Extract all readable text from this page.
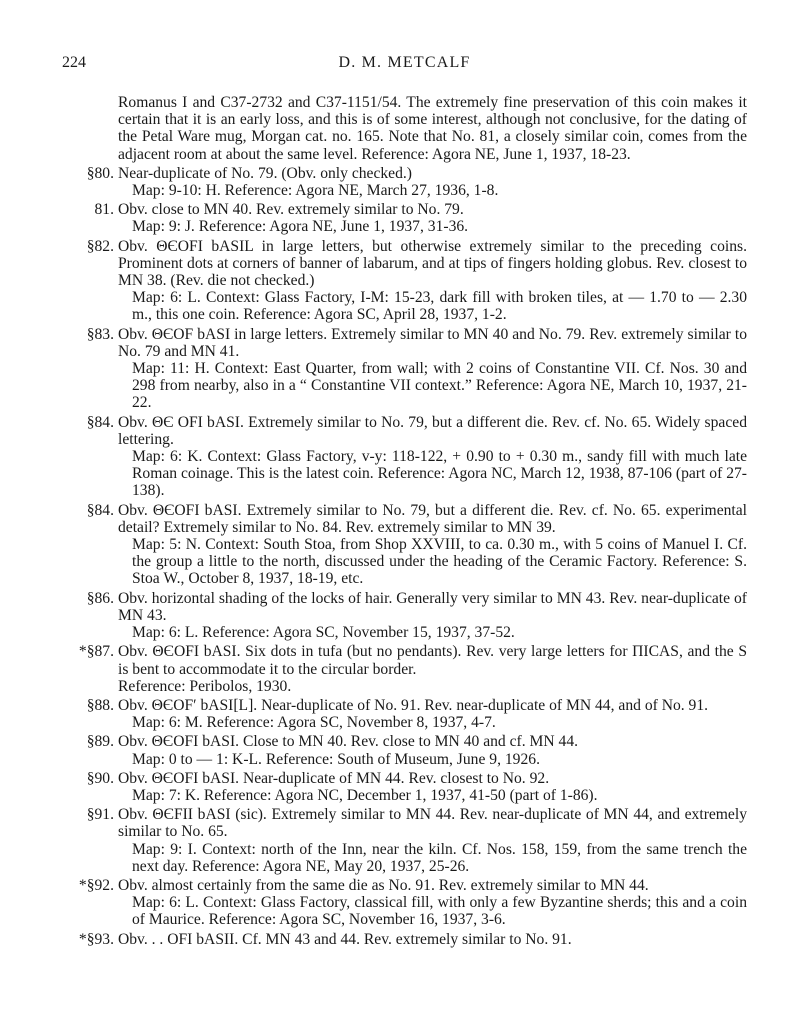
224	D. M. METCALF

Romanus I and C37-2732 and C37-1151/54. The extremely fine preservation of this coin makes it certain that it is an early loss, and this is of some interest, although not conclusive, for the dating of the Petal Ware mug, Morgan cat. no. 165. Note that No. 81, a closely similar coin, comes from the adjacent room at about the same level. Reference: Agora NE, June 1, 1937, 18-23.

§80. Near-duplicate of No. 79. (Obv. only checked.)

Map: 9-10: H. Reference: Agora NE, March 27, 1936, 1-8.

81. Obv. close to MN 40. Rev. extremely similar to No. 79.

Map: 9: J. Reference: Agora NE, June 1, 1937, 31-36.

§82. Obv. ΘЄOFI bASIL in large letters, but otherwise extremely similar to the preceding coins. Prominent dots at corners of banner of labarum, and at tips of fingers holding globus. Rev. closest to MN 38. (Rev. die not checked.)

Map: 6: L. Context: Glass Factory, I-M: 15-23, dark fill with broken tiles, at — 1.70 to — 2.30 m., this one coin. Reference: Agora SC, April 28, 1937, 1-2.

§83. Obv. ΘЄOF bASI in large letters. Extremely similar to MN 40 and No. 79. Rev. extremely similar to No. 79 and MN 41.

Map: 11: H. Context: East Quarter, from wall; with 2 coins of Constantine VII. Cf. Nos. 30 and 298 from nearby, also in a “ Constantine VII context.” Reference: Agora NE, March 10, 1937, 21-22.

§84. Obv. ΘЄ OFI bASI. Extremely similar to No. 79, but a different die. Rev. cf. No. 65. Widely spaced lettering.

Map: 6: K. Context: Glass Factory, v-y: 118-122, + 0.90 to + 0.30 m., sandy fill with much late Roman coinage. This is the latest coin. Reference: Agora NC, March 12, 1938, 87-106 (part of 27-138).

§84. Obv. ΘЄOFI bASI. Extremely similar to No. 79, but a different die. Rev. cf. No. 65. experimental detail? Extremely similar to No. 84. Rev. extremely similar to MN 39.

Map: 5: N. Context: South Stoa, from Shop XXVIII, to ca. 0.30 m., with 5 coins of Manuel I. Cf. the group a little to the north, discussed under the heading of the Ceramic Factory. Reference: S. Stoa W., October 8, 1937, 18-19, etc.

§86. Obv. horizontal shading of the locks of hair. Generally very similar to MN 43. Rev. near-duplicate of MN 43.

Map: 6: L. Reference: Agora SC, November 15, 1937, 37-52.

*§87. Obv. ΘЄOFI bASI. Six dots in tufa (but no pendants). Rev. very large letters for ΠICAS, and the S is bent to accommodate it to the circular border.

Reference: Peribolos, 1930.

§88. Obv. ΘЄOF′ bASI[L]. Near-duplicate of No. 91. Rev. near-duplicate of MN 44, and of No. 91.

Map: 6: M. Reference: Agora SC, November 8, 1937, 4-7.

§89. Obv. ΘЄOFI bASI. Close to MN 40. Rev. close to MN 40 and cf. MN 44.

Map: 0 to — 1: K-L. Reference: South of Museum, June 9, 1926.

§90. Obv. ΘЄOFI bASI. Near-duplicate of MN 44. Rev. closest to No. 92.

Map: 7: K. Reference: Agora NC, December 1, 1937, 41-50 (part of 1-86).

§91. Obv. ΘЄFII bASI (sic). Extremely similar to MN 44. Rev. near-duplicate of MN 44, and extremely similar to No. 65.

Map: 9: I. Context: north of the Inn, near the kiln. Cf. Nos. 158, 159, from the same trench the next day. Reference: Agora NE, May 20, 1937, 25-26.

*§92. Obv. almost certainly from the same die as No. 91. Rev. extremely similar to MN 44.

Map: 6: L. Context: Glass Factory, classical fill, with only a few Byzantine sherds; this and a coin of Maurice. Reference: Agora SC, November 16, 1937, 3-6.

*§93. Obv. . . OFI bASII. Cf. MN 43 and 44. Rev. extremely similar to No. 91.
